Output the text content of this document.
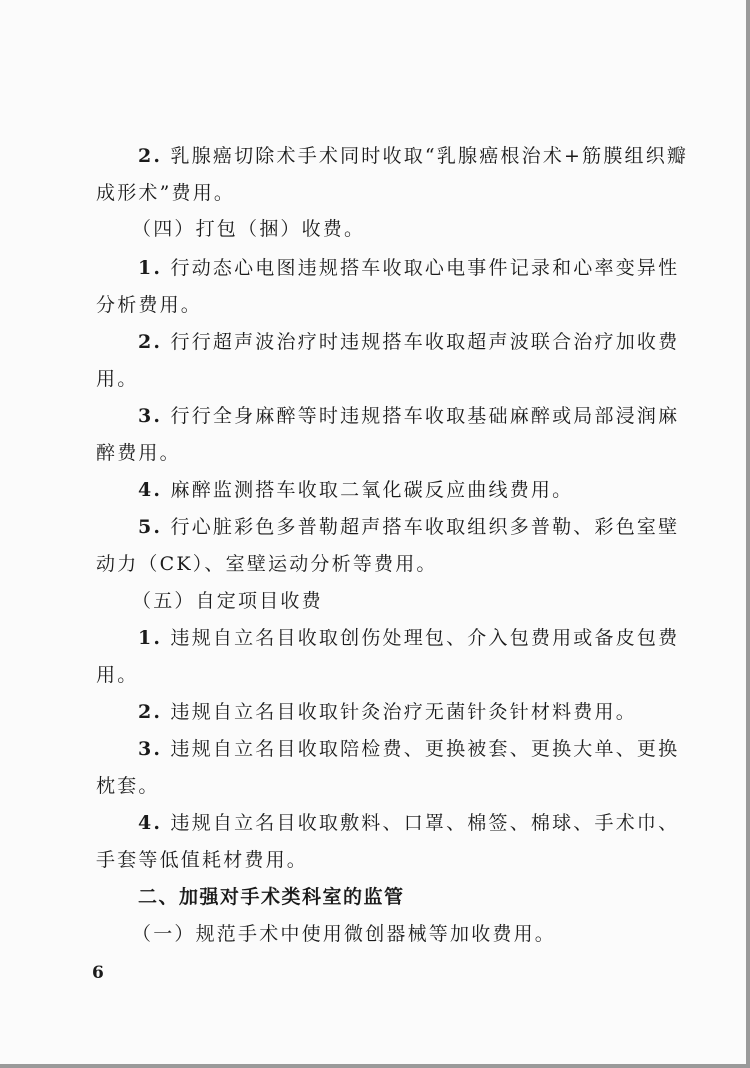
2. 乳腺癌切除术手术同时收取“乳腺癌根治术+筋膜组织瓣
成形术”费用。
（四）打包（捆）收费。
1. 行动态心电图违规搭车收取心电事件记录和心率变异性
分析费用。
2. 行行超声波治疗时违规搭车收取超声波联合治疗加收费
用。
3. 行行全身麻醉等时违规搭车收取基础麻醉或局部浸润麻
醉费用。
4. 麻醉监测搭车收取二氧化碳反应曲线费用。
5. 行心脏彩色多普勒超声搭车收取组织多普勒、彩色室壁
动力（CK）、室壁运动分析等费用。
（五）自定项目收费
1. 违规自立名目收取创伤处理包、介入包费用或备皮包费
用。
2. 违规自立名目收取针灸治疗无菌针灸针材料费用。
3. 违规自立名目收取陪检费、更换被套、更换大单、更换
枕套。
4. 违规自立名目收取敷料、口罩、棉签、棉球、手术巾、
手套等低值耗材费用。
二、加强对手术类科室的监管
（一）规范手术中使用微创器械等加收费用。
6
